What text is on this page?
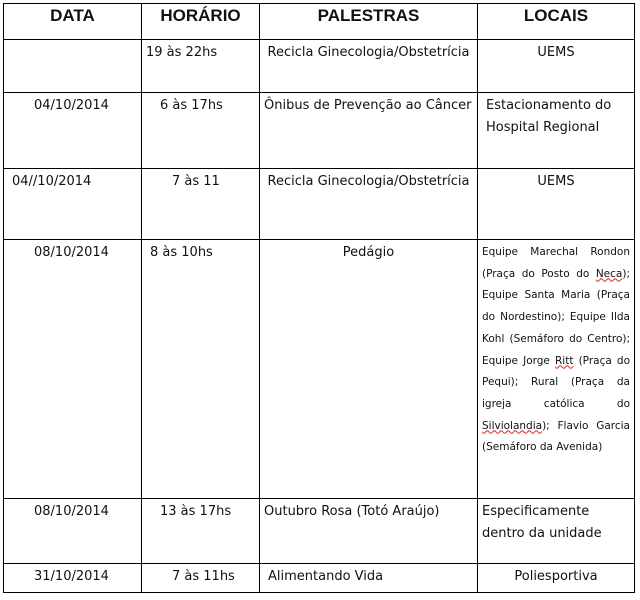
DATA	HORÁRIO	PALESTRAS	LOCAIS
	19 às 22hs	Recicla Ginecologia/Obstetrícia	UEMS
04/10/2014	6 às 17hs	Ônibus de Prevenção ao Câncer	Estacionamento do Hospital Regional
04//10/2014	7 às 11	Recicla Ginecologia/Obstetrícia	UEMS
08/10/2014	8 às 10hs	Pedágio	Equipe Marechal Rondon (Praça do Posto do Neca); Equipe Santa Maria (Praça do Nordestino); Equipe Ilda Kohl (Semáforo do Centro); Equipe Jorge Ritt (Praça do Pequi); Rural (Praça da igreja católica do Silviolandia); Flavio Garcia (Semáforo da Avenida)
08/10/2014	13 às 17hs	Outubro Rosa (Totó Araújo)	Especificamente dentro da unidade
31/10/2014	7 às 11hs	Alimentando Vida	Poliesportiva
